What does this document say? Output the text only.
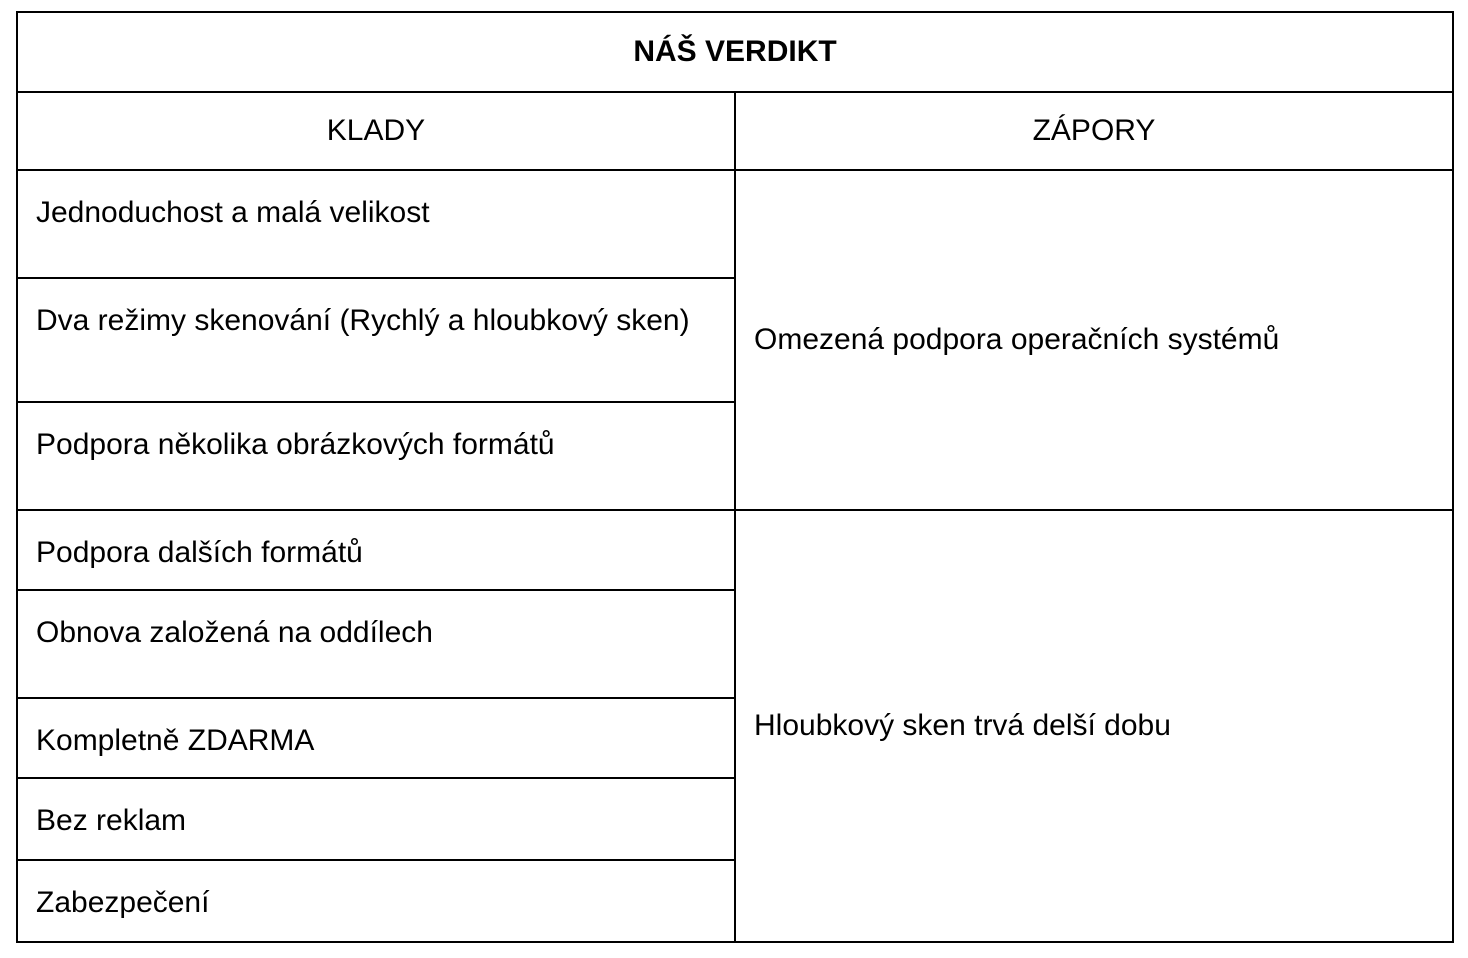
NÁŠ VERDIKT	
KLADY	ZÁPORY
Jednoduchost a malá velikost	Omezená podpora operačních systémů
Dva režimy skenování (Rychlý a hloubkový sken)	
Podpora několika obrázkových formátů	
Podpora dalších formátů	Hloubkový sken trvá delší dobu
Obnova založená na oddílech	
Kompletně ZDARMA	
Bez reklam	
Zabezpečení	
